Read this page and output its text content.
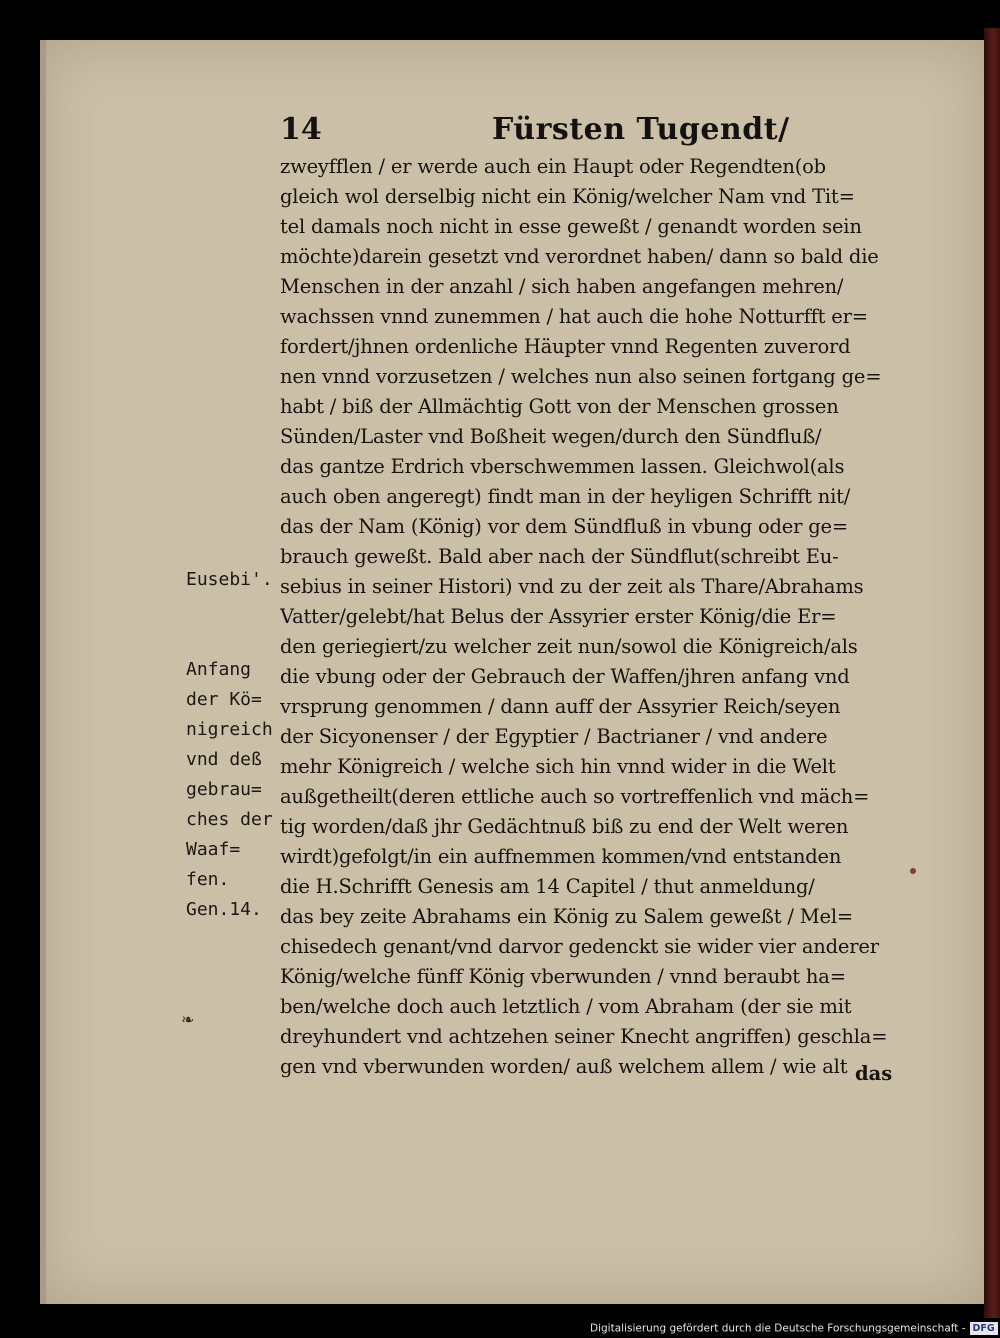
14	Fürsten Tugendt/
zweyfflen / er werde auch ein Haupt oder Regendten(ob
gleich wol derselbig nicht ein König/welcher Nam vnd Tit=
tel damals noch nicht in esse geweßt / genandt worden sein
möchte)darein gesetzt vnd verordnet haben/ dann so bald die
Menschen in der anzahl / sich haben angefangen mehren/
wachssen vnnd zunemmen / hat auch die hohe Notturfft er=
fordert/jhnen ordenliche Häupter vnnd Regenten zuverord
nen vnnd vorzusetzen / welches nun also seinen fortgang ge=
habt / biß der Allmächtig Gott von der Menschen grossen
Sünden/Laster vnd Boßheit wegen/durch den Sündfluß/
das gantze Erdrich vberschwemmen lassen. Gleichwol(als
auch oben angeregt) findt man in der heyligen Schrifft nit/
das der Nam (König) vor dem Sündfluß in vbung oder ge=
brauch geweßt. Bald aber nach der Sündflut(schreibt Eu-
sebius in seiner Histori) vnd zu der zeit als Thare/Abrahams
Vatter/gelebt/hat Belus der Assyrier erster König/die Er=
den geriegiert/zu welcher zeit nun/sowol die Königreich/als
die vbung oder der Gebrauch der Waffen/jhren anfang vnd
vrsprung genommen / dann auff der Assyrier Reich/seyen
der Sicyonenser / der Egyptier / Bactrianer / vnd andere
mehr Königreich / welche sich hin vnnd wider in die Welt
außgetheilt(deren ettliche auch so vortreffenlich vnd mäch=
tig worden/daß jhr Gedächtnuß biß zu end der Welt weren
wirdt)gefolgt/in ein auffnemmen kommen/vnd entstanden
die H.Schrifft Genesis am 14 Capitel / thut anmeldung/
das bey zeite Abrahams ein König zu Salem geweßt / Mel=
chisedech genant/vnd darvor gedenckt sie wider vier anderer
König/welche fünff König vberwunden / vnnd beraubt ha=
ben/welche doch auch letztlich / vom Abraham (der sie mit
dreyhundert vnd achtzehen seiner Knecht angriffen) geschla=
gen vnd vberwunden worden/ auß welchem allem / wie alt das
Eusebi'.
Anfang
der Kö=
nigreich
vnd deß
gebrau=
ches der
Waaf=
fen.
Gen.14.
❧
Digitalisierung gefördert durch die Deutsche Forschungsgemeinschaft - DFG
